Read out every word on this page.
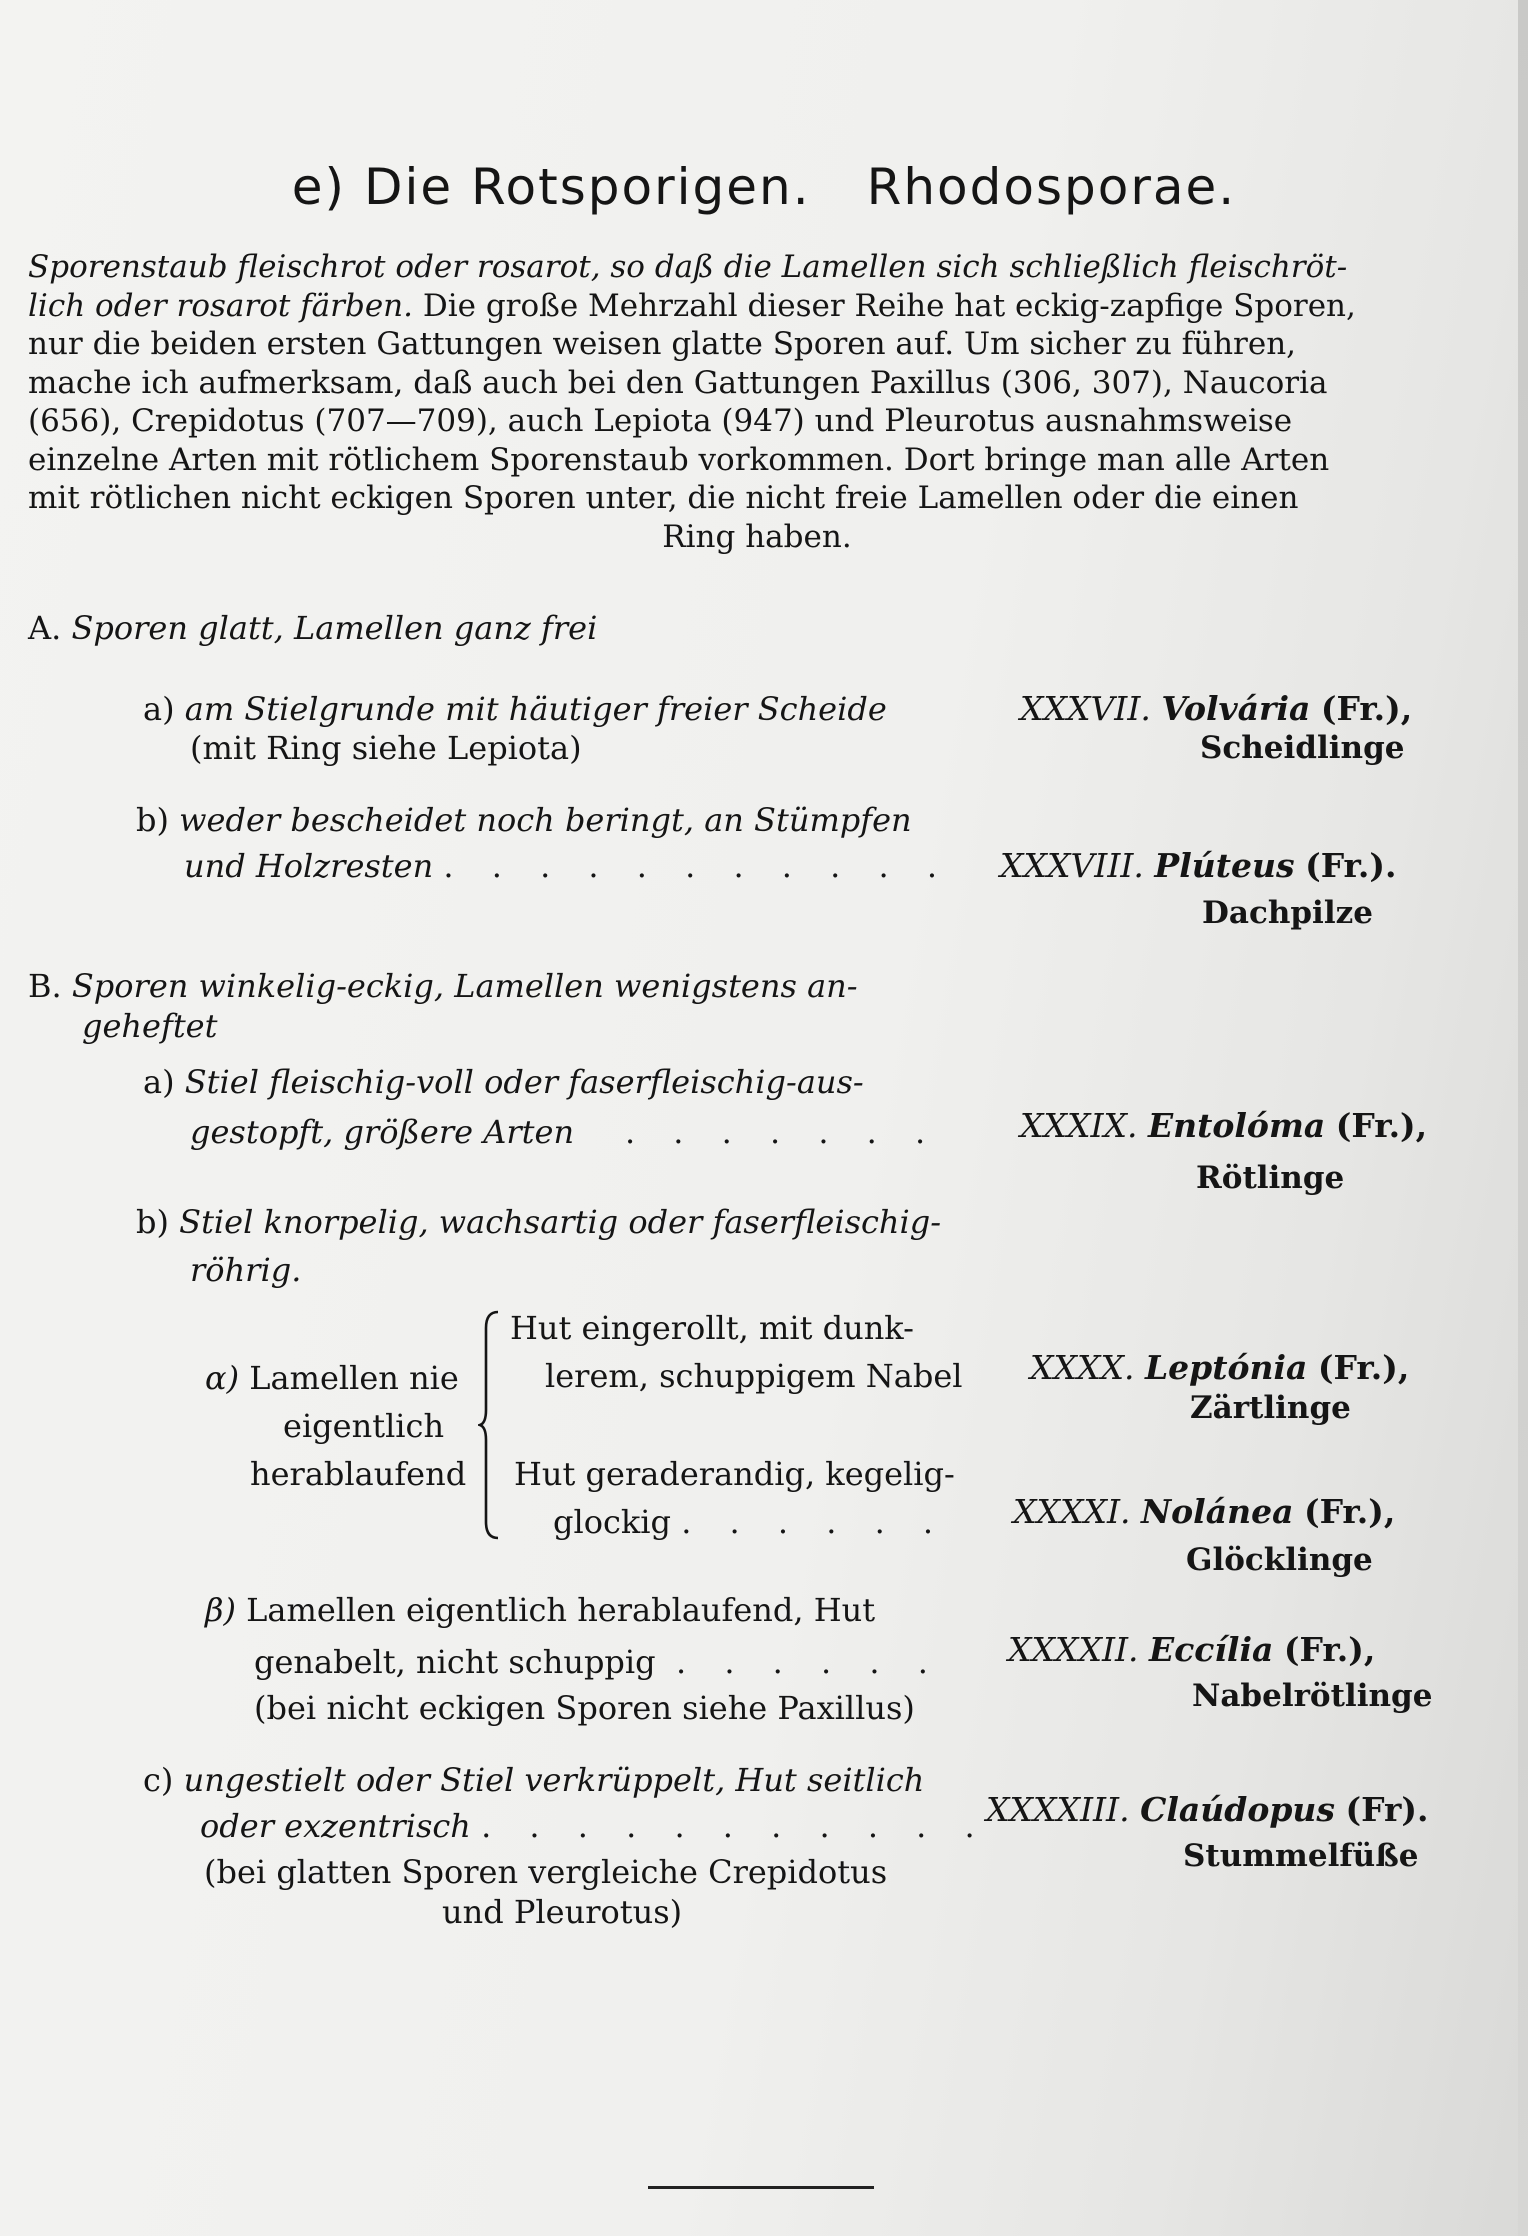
e) Die Rotsporigen. Rhodosporae.
Sporenstaub fleischrot oder rosarot, so daß die Lamellen sich schließlich fleischröt-
lich oder rosarot färben. Die große Mehrzahl dieser Reihe hat eckig-zapfige Sporen,
nur die beiden ersten Gattungen weisen glatte Sporen auf. Um sicher zu führen,
mache ich aufmerksam, daß auch bei den Gattungen Paxillus (306, 307), Naucoria
(656), Crepidotus (707—709), auch Lepiota (947) und Pleurotus ausnahmsweise
einzelne Arten mit rötlichem Sporenstaub vorkommen. Dort bringe man alle Arten
mit rötlichen nicht eckigen Sporen unter, die nicht freie Lamellen oder die einen
Ring haben.
A. Sporen glatt, Lamellen ganz frei
a) am Stielgrunde mit häutiger freier Scheide
(mit Ring siehe Lepiota)
b) weder bescheidet noch beringt, an Stümpfen
und Holzresten . . . . . . . . . . .
B. Sporen winkelig-eckig, Lamellen wenigstens an-
geheftet
a) Stiel fleischig-voll oder faserfleischig-aus-
gestopft, größere Arten . . . . . . .
b) Stiel knorpelig, wachsartig oder faserfleischig-
röhrig.
α) Lamellen nie
eigentlich
herablaufend
Hut eingerollt, mit dunk-
lerem, schuppigem Nabel
Hut geraderandig, kegelig-
glockig . . . . . .
β) Lamellen eigentlich herablaufend, Hut
genabelt, nicht schuppig . . . . . .
(bei nicht eckigen Sporen siehe Paxillus)
c) ungestielt oder Stiel verkrüppelt, Hut seitlich
oder exzentrisch . . . . . . . . . . .
(bei glatten Sporen vergleiche Crepidotus
und Pleurotus)
XXXVII. Volvária (Fr.),
Scheidlinge
XXXVIII. Plúteus (Fr.).
Dachpilze
XXXIX. Entolóma (Fr.),
Rötlinge
XXXX. Leptónia (Fr.),
Zärtlinge
XXXXI. Nolánea (Fr.),
Glöcklinge
XXXXII. Eccília (Fr.),
Nabelrötlinge
XXXXIII. Claúdopus (Fr).
Stummelfüße
